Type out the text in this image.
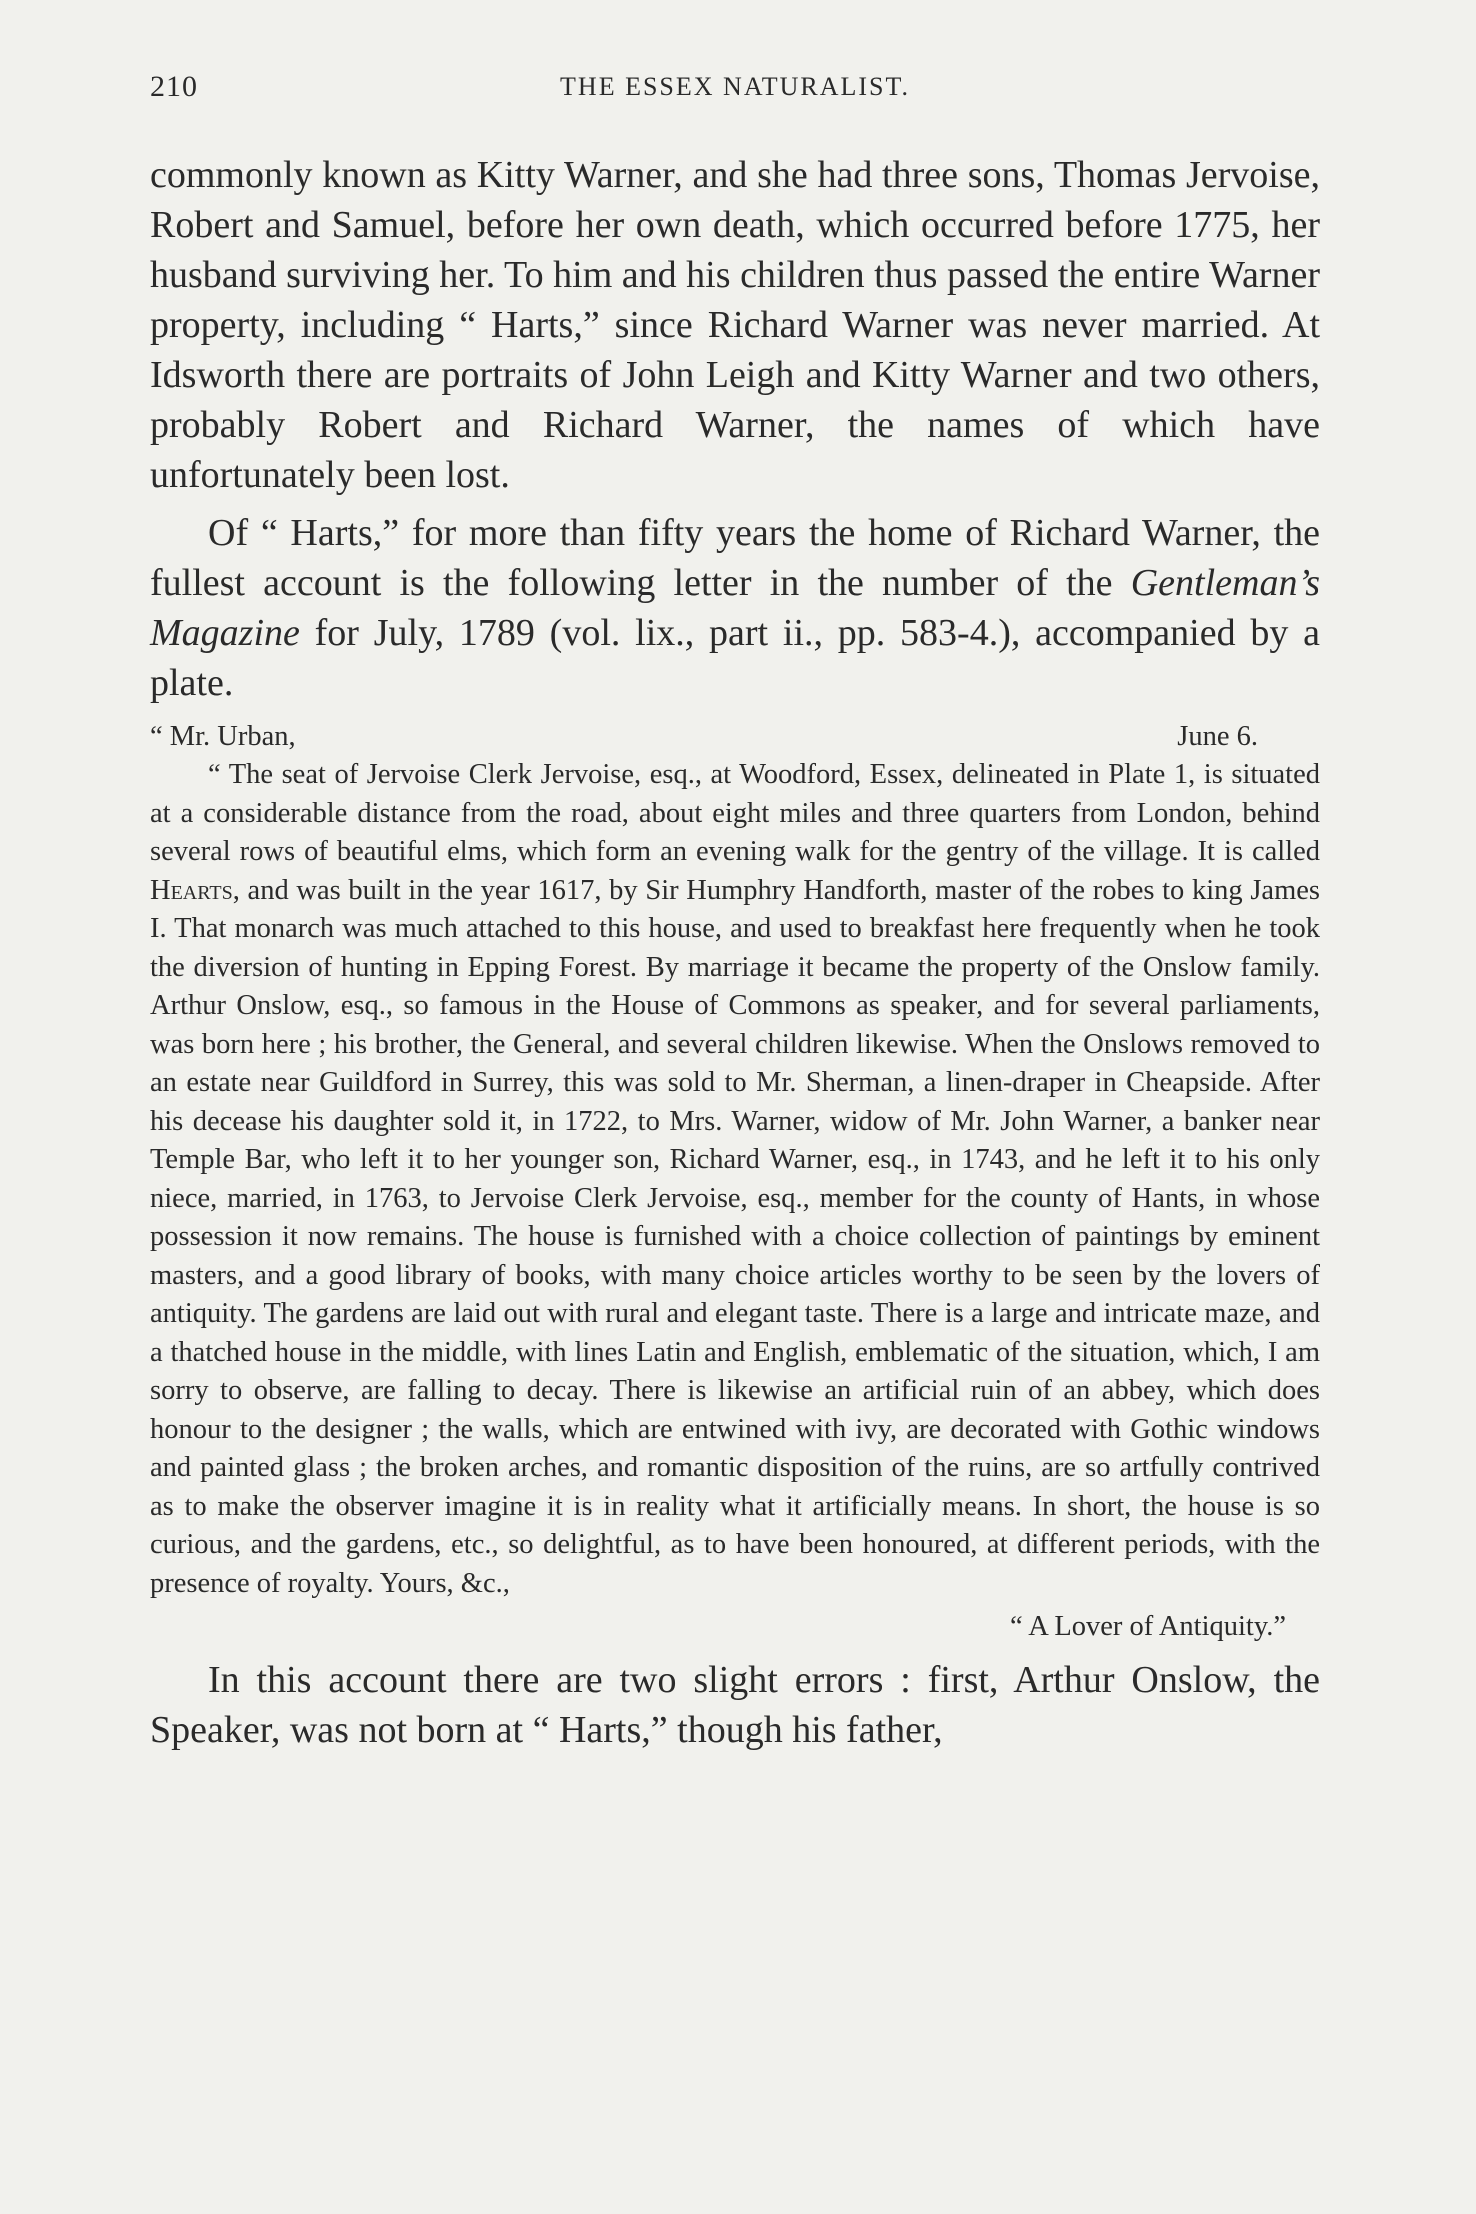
210	THE ESSEX NATURALIST.

commonly known as Kitty Warner, and she had three sons, Thomas Jervoise, Robert and Samuel, before her own death, which occurred before 1775, her husband surviving her. To him and his children thus passed the entire Warner property, including “ Harts,” since Richard Warner was never married. At Idsworth there are portraits of John Leigh and Kitty Warner and two others, probably Robert and Richard Warner, the names of which have unfortunately been lost.

Of “ Harts,” for more than fifty years the home of Richard Warner, the fullest account is the following letter in the number of the Gentleman’s Magazine for July, 1789 (vol. lix., part ii., pp. 583-4.), accompanied by a plate.

“ Mr. Urban,	June 6.

“ The seat of Jervoise Clerk Jervoise, esq., at Woodford, Essex, delineated in Plate 1, is situated at a considerable distance from the road, about eight miles and three quarters from London, behind several rows of beautiful elms, which form an evening walk for the gentry of the village. It is called Hearts, and was built in the year 1617, by Sir Humphry Handforth, master of the robes to king James I. That monarch was much attached to this house, and used to breakfast here frequently when he took the diversion of hunting in Epping Forest. By marriage it became the property of the Onslow family. Arthur Onslow, esq., so famous in the House of Commons as speaker, and for several parliaments, was born here ; his brother, the General, and several children likewise. When the Onslows removed to an estate near Guildford in Surrey, this was sold to Mr. Sherman, a linen-draper in Cheapside. After his decease his daughter sold it, in 1722, to Mrs. Warner, widow of Mr. John Warner, a banker near Temple Bar, who left it to her younger son, Richard Warner, esq., in 1743, and he left it to his only niece, married, in 1763, to Jervoise Clerk Jervoise, esq., member for the county of Hants, in whose possession it now remains. The house is furnished with a choice collection of paintings by eminent masters, and a good library of books, with many choice articles worthy to be seen by the lovers of antiquity. The gardens are laid out with rural and elegant taste. There is a large and intricate maze, and a thatched house in the middle, with lines Latin and English, emblematic of the situation, which, I am sorry to observe, are falling to decay. There is likewise an artificial ruin of an abbey, which does honour to the designer ; the walls, which are entwined with ivy, are decorated with Gothic windows and painted glass ; the broken arches, and romantic disposition of the ruins, are so artfully contrived as to make the observer imagine it is in reality what it artificially means. In short, the house is so curious, and the gardens, etc., so delightful, as to have been honoured, at different periods, with the presence of royalty. Yours, &c.,

“ A Lover of Antiquity.”

In this account there are two slight errors : first, Arthur Onslow, the Speaker, was not born at “ Harts,” though his father,
